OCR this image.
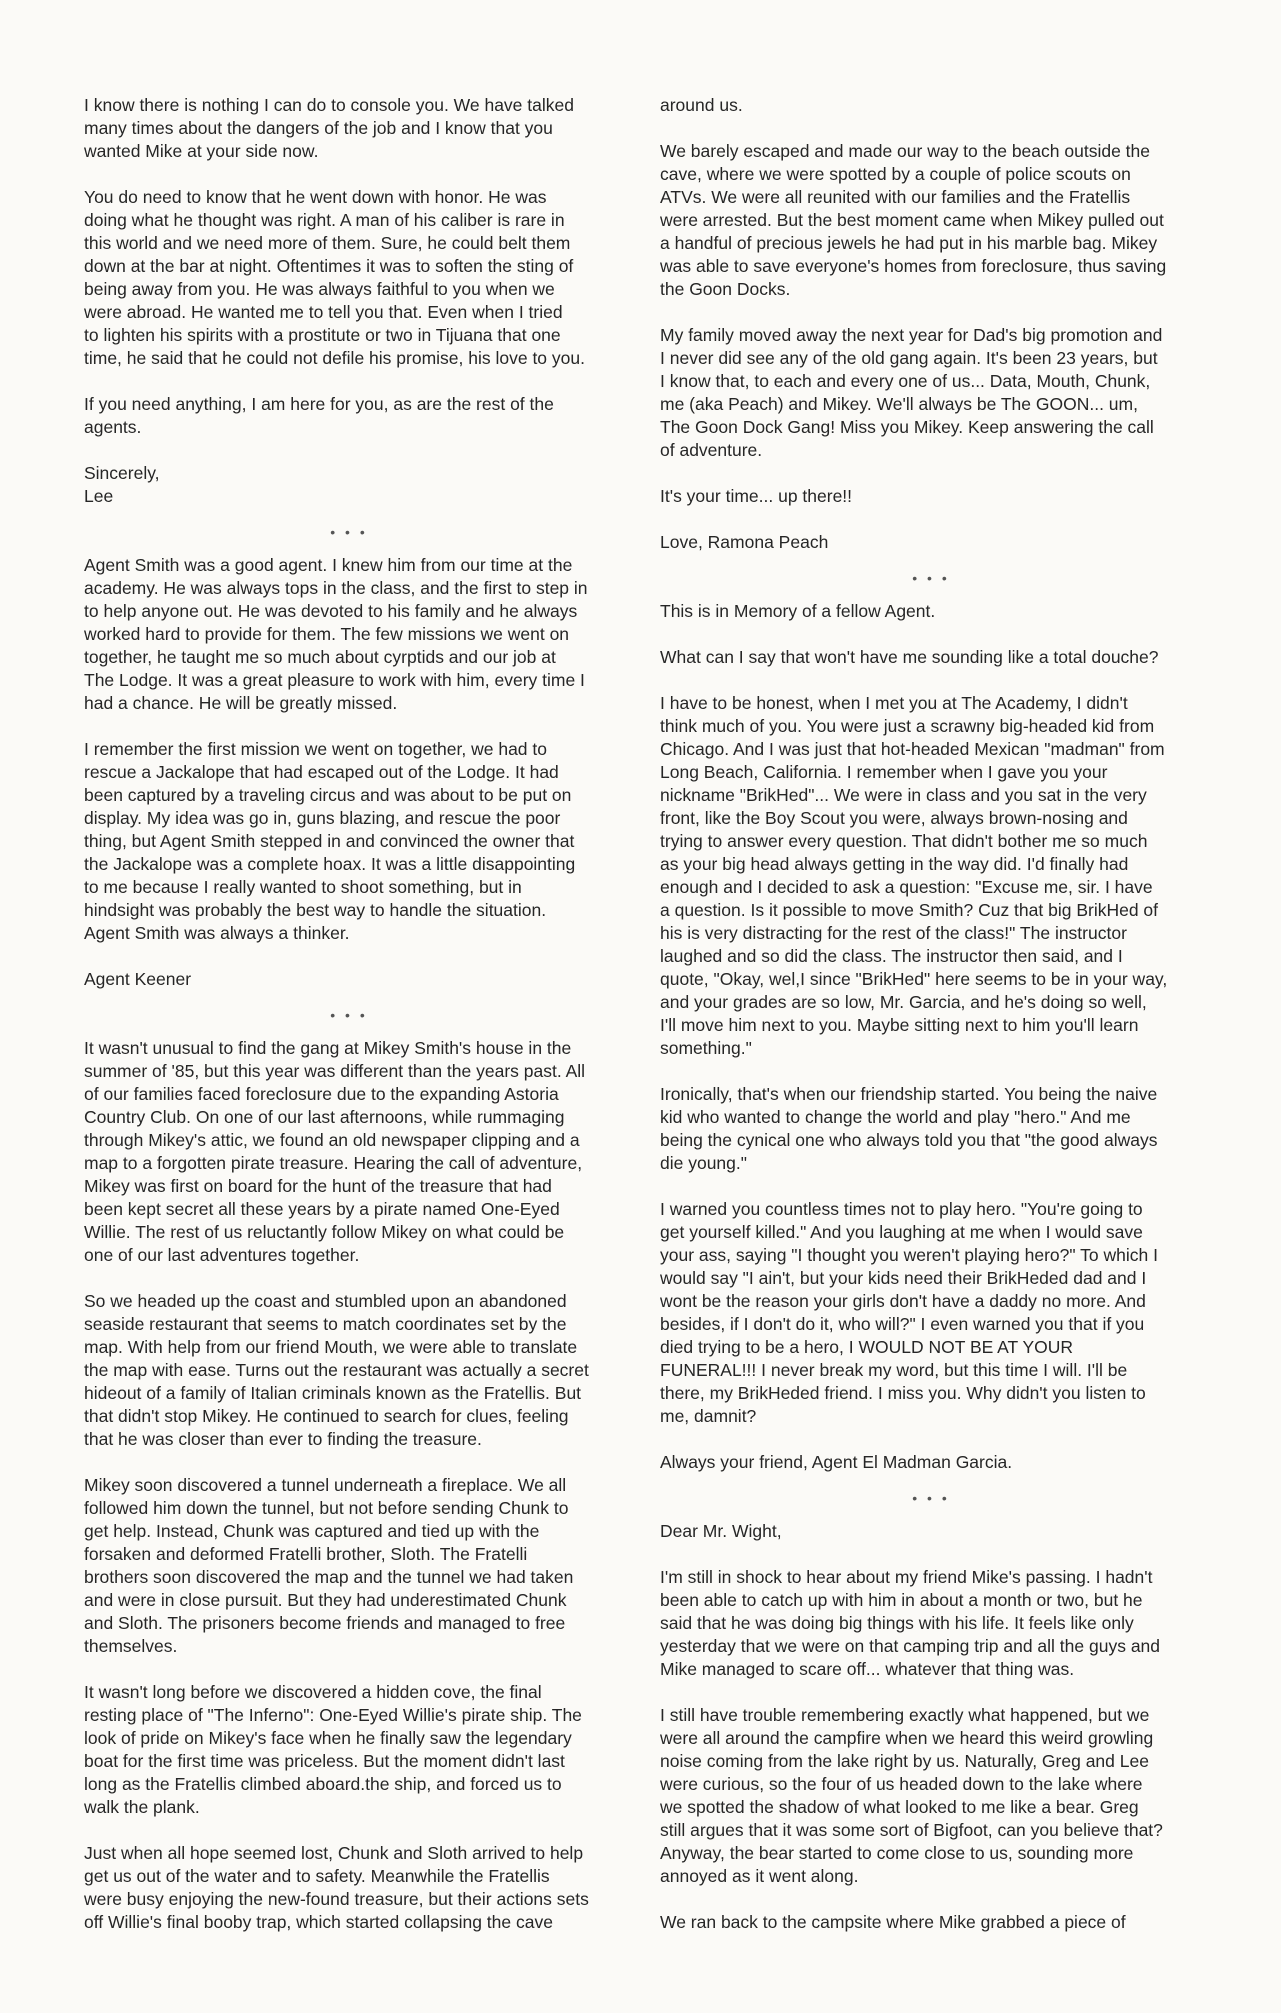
I know there is nothing I can do to console you. We have talked
many times about the dangers of the job and I know that you
wanted Mike at your side now.
You do need to know that he went down with honor. He was
doing what he thought was right. A man of his caliber is rare in
this world and we need more of them. Sure, he could belt them
down at the bar at night. Oftentimes it was to soften the sting of
being away from you. He was always faithful to you when we
were abroad. He wanted me to tell you that. Even when I tried
to lighten his spirits with a prostitute or two in Tijuana that one
time, he said that he could not defile his promise, his love to you.
If you need anything, I am here for you, as are the rest of the
agents.
Sincerely,
Lee
• • •
Agent Smith was a good agent. I knew him from our time at the
academy. He was always tops in the class, and the first to step in
to help anyone out. He was devoted to his family and he always
worked hard to provide for them. The few missions we went on
together, he taught me so much about cyrptids and our job at
The Lodge. It was a great pleasure to work with him, every time I
had a chance. He will be greatly missed.
I remember the first mission we went on together, we had to
rescue a Jackalope that had escaped out of the Lodge. It had
been captured by a traveling circus and was about to be put on
display. My idea was go in, guns blazing, and rescue the poor
thing, but Agent Smith stepped in and convinced the owner that
the Jackalope was a complete hoax. It was a little disappointing
to me because I really wanted to shoot something, but in
hindsight was probably the best way to handle the situation.
Agent Smith was always a thinker.
Agent Keener
• • •
It wasn't unusual to find the gang at Mikey Smith's house in the
summer of '85, but this year was different than the years past. All
of our families faced foreclosure due to the expanding Astoria
Country Club. On one of our last afternoons, while rummaging
through Mikey's attic, we found an old newspaper clipping and a
map to a forgotten pirate treasure. Hearing the call of adventure,
Mikey was first on board for the hunt of the treasure that had
been kept secret all these years by a pirate named One-Eyed
Willie. The rest of us reluctantly follow Mikey on what could be
one of our last adventures together.
So we headed up the coast and stumbled upon an abandoned
seaside restaurant that seems to match coordinates set by the
map. With help from our friend Mouth, we were able to translate
the map with ease. Turns out the restaurant was actually a secret
hideout of a family of Italian criminals known as the Fratellis. But
that didn't stop Mikey. He continued to search for clues, feeling
that he was closer than ever to finding the treasure.
Mikey soon discovered a tunnel underneath a fireplace. We all
followed him down the tunnel, but not before sending Chunk to
get help. Instead, Chunk was captured and tied up with the
forsaken and deformed Fratelli brother, Sloth. The Fratelli
brothers soon discovered the map and the tunnel we had taken
and were in close pursuit. But they had underestimated Chunk
and Sloth. The prisoners become friends and managed to free
themselves.
It wasn't long before we discovered a hidden cove, the final
resting place of "The Inferno": One-Eyed Willie's pirate ship. The
look of pride on Mikey's face when he finally saw the legendary
boat for the first time was priceless. But the moment didn't last
long as the Fratellis climbed aboard.the ship, and forced us to
walk the plank.
Just when all hope seemed lost, Chunk and Sloth arrived to help
get us out of the water and to safety. Meanwhile the Fratellis
were busy enjoying the new-found treasure, but their actions sets
off Willie's final booby trap, which started collapsing the cave
around us.
We barely escaped and made our way to the beach outside the
cave, where we were spotted by a couple of police scouts on
ATVs. We were all reunited with our families and the Fratellis
were arrested. But the best moment came when Mikey pulled out
a handful of precious jewels he had put in his marble bag. Mikey
was able to save everyone's homes from foreclosure, thus saving
the Goon Docks.
My family moved away the next year for Dad's big promotion and
I never did see any of the old gang again. It's been 23 years, but
I know that, to each and every one of us... Data, Mouth, Chunk,
me (aka Peach) and Mikey. We'll always be The GOON... um,
The Goon Dock Gang! Miss you Mikey. Keep answering the call
of adventure.
It's your time... up there!!
Love, Ramona Peach
• • •
This is in Memory of a fellow Agent.
What can I say that won't have me sounding like a total douche?
I have to be honest, when I met you at The Academy, I didn't
think much of you. You were just a scrawny big-headed kid from
Chicago. And I was just that hot-headed Mexican "madman" from
Long Beach, California. I remember when I gave you your
nickname "BrikHed"... We were in class and you sat in the very
front, like the Boy Scout you were, always brown-nosing and
trying to answer every question. That didn't bother me so much
as your big head always getting in the way did. I'd finally had
enough and I decided to ask a question: "Excuse me, sir. I have
a question. Is it possible to move Smith? Cuz that big BrikHed of
his is very distracting for the rest of the class!" The instructor
laughed and so did the class. The instructor then said, and I
quote, "Okay, wel,I since "BrikHed" here seems to be in your way,
and your grades are so low, Mr. Garcia, and he's doing so well,
I'll move him next to you. Maybe sitting next to him you'll learn
something."
Ironically, that's when our friendship started. You being the naive
kid who wanted to change the world and play "hero." And me
being the cynical one who always told you that "the good always
die young."
I warned you countless times not to play hero. "You're going to
get yourself killed." And you laughing at me when I would save
your ass, saying "I thought you weren't playing hero?" To which I
would say "I ain't, but your kids need their BrikHeded dad and I
wont be the reason your girls don't have a daddy no more. And
besides, if I don't do it, who will?" I even warned you that if you
died trying to be a hero, I WOULD NOT BE AT YOUR
FUNERAL!!! I never break my word, but this time I will. I'll be
there, my BrikHeded friend. I miss you. Why didn't you listen to
me, damnit?
Always your friend, Agent El Madman Garcia.
• • •
Dear Mr. Wight,
I'm still in shock to hear about my friend Mike's passing. I hadn't
been able to catch up with him in about a month or two, but he
said that he was doing big things with his life. It feels like only
yesterday that we were on that camping trip and all the guys and
Mike managed to scare off... whatever that thing was.
I still have trouble remembering exactly what happened, but we
were all around the campfire when we heard this weird growling
noise coming from the lake right by us. Naturally, Greg and Lee
were curious, so the four of us headed down to the lake where
we spotted the shadow of what looked to me like a bear. Greg
still argues that it was some sort of Bigfoot, can you believe that?
Anyway, the bear started to come close to us, sounding more
annoyed as it went along.
We ran back to the campsite where Mike grabbed a piece of
